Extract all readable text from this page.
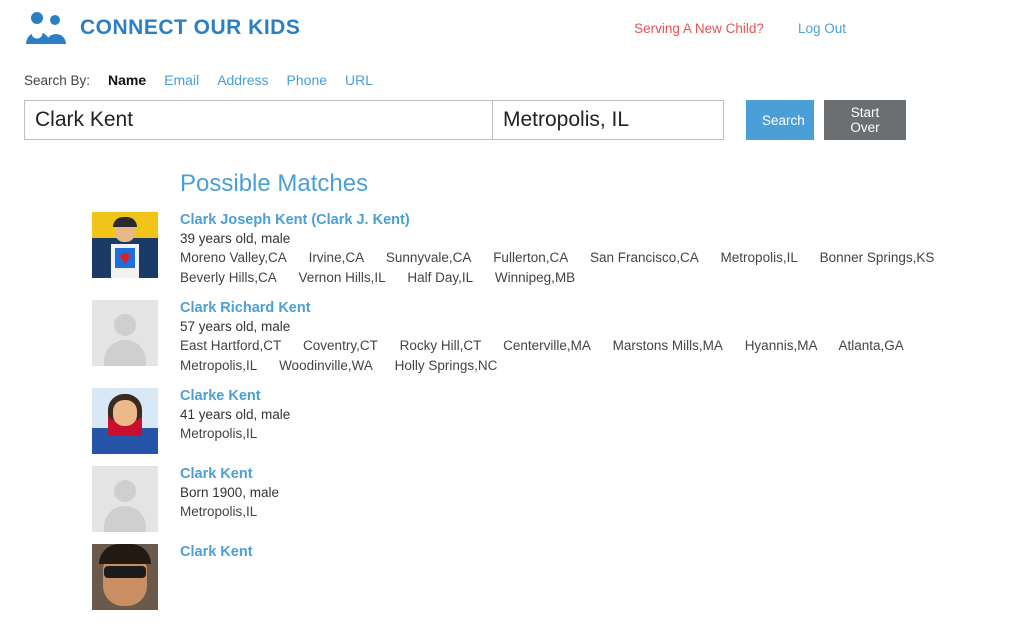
CONNECT OUR KIDS	Serving A New Child?	Log Out
Search By: Name Email Address Phone URL
Clark Kent
Metropolis, IL
Search	Start Over
Possible Matches
Clark Joseph Kent (Clark J. Kent)
39 years old, male
Moreno Valley,CA Irvine,CA Sunnyvale,CA Fullerton,CA San Francisco,CA Metropolis,IL Bonner Springs,KS Beverly Hills,CA Vernon Hills,IL Half Day,IL Winnipeg,MB
Clark Richard Kent
57 years old, male
East Hartford,CT Coventry,CT Rocky Hill,CT Centerville,MA Marstons Mills,MA Hyannis,MA Atlanta,GA Metropolis,IL Woodinville,WA Holly Springs,NC
Clarke Kent
41 years old, male
Metropolis,IL
Clark Kent
Born 1900, male
Metropolis,IL
Clark Kent
